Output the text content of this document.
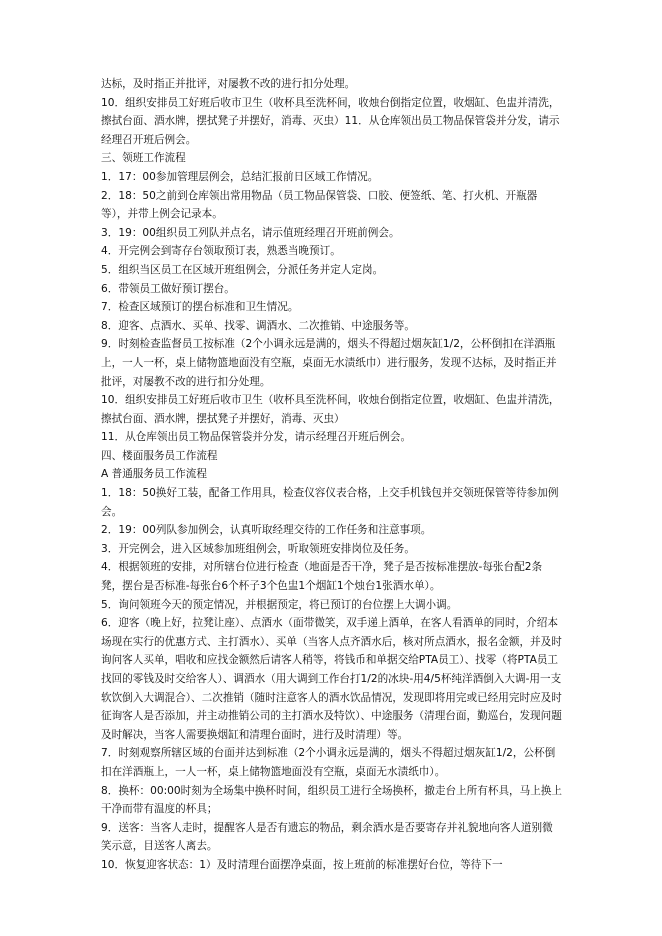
达标，及时指正并批评，对屡教不改的进行扣分处理。

10．组织安排员工好班后收市卫生（收杯具至洗杯间，收烛台倒指定位置，收烟缸、色盅并清洗，擦拭台面、酒水牌，摆拭凳子并摆好，消毒、灭虫）11．从仓库领出员工物品保管袋并分发，请示经理召开班后例会。

三、领班工作流程

1．17：00参加管理层例会，总结汇报前日区域工作情况。

2．18：50之前到仓库领出常用物品（员工物品保管袋、口胶、便签纸、笔、打火机、开瓶器等），并带上例会记录本。

3．19：00组织员工列队并点名，请示值班经理召开班前例会。

4．开完例会到寄存台领取预订表，熟悉当晚预订。

5．组织当区员工在区域开班组例会，分派任务并定人定岗。

6．带领员工做好预订摆台。

7．检查区域预订的摆台标准和卫生情况。

8．迎客、点酒水、买单、找零、调酒水、二次推销、中途服务等。

9．时刻检查监督员工按标准（2个小调永远是满的，烟头不得超过烟灰缸1/2，公杯倒扣在洋酒瓶上，一人一杯，桌上储物篮地面没有空瓶，桌面无水渍纸巾）进行服务，发现不达标，及时指正并批评，对屡教不改的进行扣分处理。

10．组织安排员工好班后收市卫生（收杯具至洗杯间，收烛台倒指定位置，收烟缸、色盅并清洗，擦拭台面、酒水牌，摆拭凳子并摆好，消毒、灭虫）

11．从仓库领出员工物品保管袋并分发，请示经理召开班后例会。

四、楼面服务员工作流程

A 普通服务员工作流程

1．18：50换好工装，配备工作用具，检查仪容仪表合格，上交手机钱包并交领班保管等待参加例会。

2．19：00列队参加例会，认真听取经理交待的工作任务和注意事项。

3．开完例会，进入区域参加班组例会，听取领班安排岗位及任务。

4．根据领班的安排，对所辖台位进行检查（地面是否干净，凳子是否按标准摆放-每张台配2条凳，摆台是否标准-每张台6个杯子3个色盅1个烟缸1个烛台1张酒水单）。

5．询问领班今天的预定情况，并根据预定，将已预订的台位摆上大调小调。

6．迎客（晚上好，拉凳让座）、点酒水（面带微笑，双手递上酒单，在客人看酒单的同时，介绍本场现在实行的优惠方式、主打酒水）、买单（当客人点齐酒水后，核对所点酒水，报名金额，并及时询问客人买单，唱收和应找金额然后请客人稍等，将钱币和单据交给PTA员工）、找零（将PTA员工找回的零钱及时交给客人）、调酒水（用大调到工作台打1/2的冰块-用4/5杯纯洋酒倒入大调-用一支软饮倒入大调混合）、二次推销（随时注意客人的酒水饮品情况，发现即将用完或已经用完时应及时征询客人是否添加，并主动推销公司的主打酒水及特饮）、中途服务（清理台面，勤巡台，发现问题及时解决，当客人需要换烟缸和清理台面时，进行及时清理）等。

7．时刻观察所辖区域的台面并达到标准（2个小调永远是满的，烟头不得超过烟灰缸1/2，公杯倒扣在洋酒瓶上，一人一杯，桌上储物篮地面没有空瓶，桌面无水渍纸巾）。

8．换杯：00:00时刻为全场集中换杯时间，组织员工进行全场换杯，撤走台上所有杯具，马上换上干净而带有温度的杯具；

9．送客：当客人走时，提醒客人是否有遗忘的物品，剩余酒水是否要寄存并礼貌地向客人道别微笑示意，目送客人离去。

10．恢复迎客状态：1）及时清理台面摆净桌面，按上班前的标准摆好台位，等待下一
